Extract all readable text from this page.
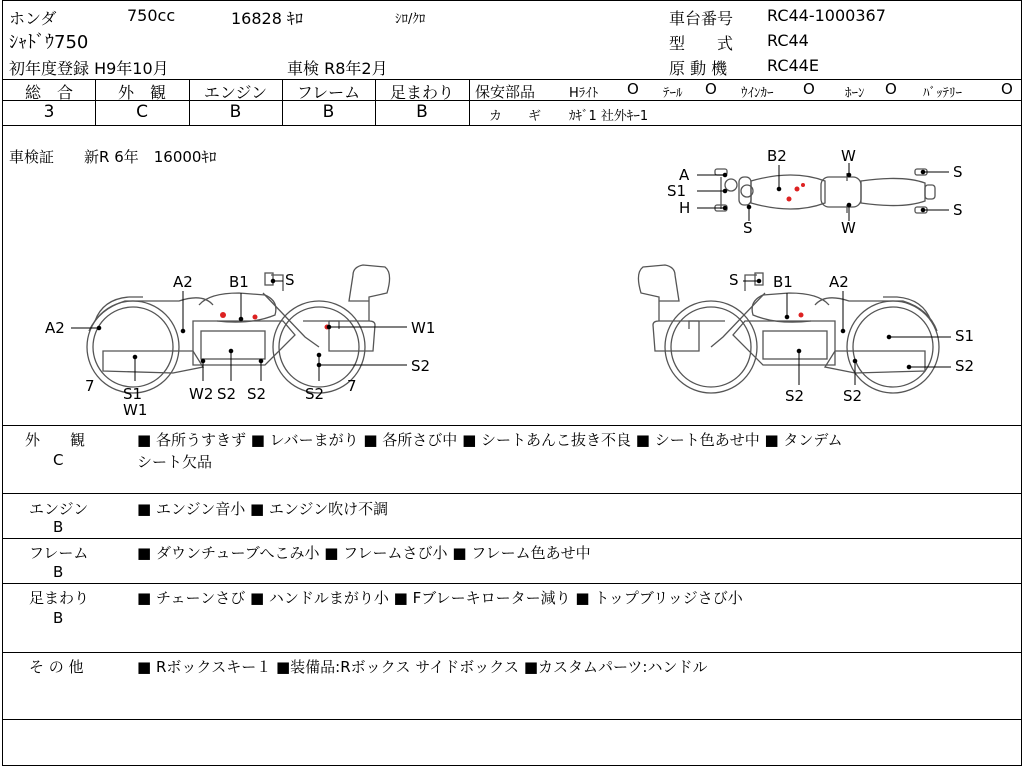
ホンダ	750cc	16828 ｷﾛ	ｼﾛ/ｸﾛ
ｼｬﾄﾞｳ750
初年度登録 H9年10月	車検 R8年2月
車台番号 RC44-1000367
型　　式 RC44
原 動 機 RC44E
総　合	外　観	エンジン	フレーム	足まわり
3	C	B	B	B
保安部品	Hﾗｲﾄ O ﾃｰﾙ O ｳｲﾝｶｰ O ﾎｰﾝ O ﾊﾞｯﾃﾘｰ	O
カ　　ギ ｶｷﾞ1 社外ｷｰ1
車検証　　新R 6年　16000ｷﾛ
A
S1
H
B2	W
S
S
S
W
A2 B1 S
A2	W1
7 S1
W1
W2 S2 S2
S2
7
S2
S B1 A2
S1
S2
S2	S2
外　　観
C
■ 各所うすきず ■ レバーまがり ■ 各所さび中 ■ シートあんこ抜き不良 ■ シート色あせ中 ■ タンデム
シート欠品
エンジン
B
■ エンジン音小 ■ エンジン吹け不調
フレーム
B
■ ダウンチューブへこみ小 ■ フレームさび小 ■ フレーム色あせ中
足まわり
B
■ チェーンさび ■ ハンドルまがり小 ■ Fブレーキローター減り ■ トップブリッジさび小
そ の 他	■ Rボックスキー１ ■装備品:Rボックス サイドボックス ■カスタムパーツ:ハンドル
